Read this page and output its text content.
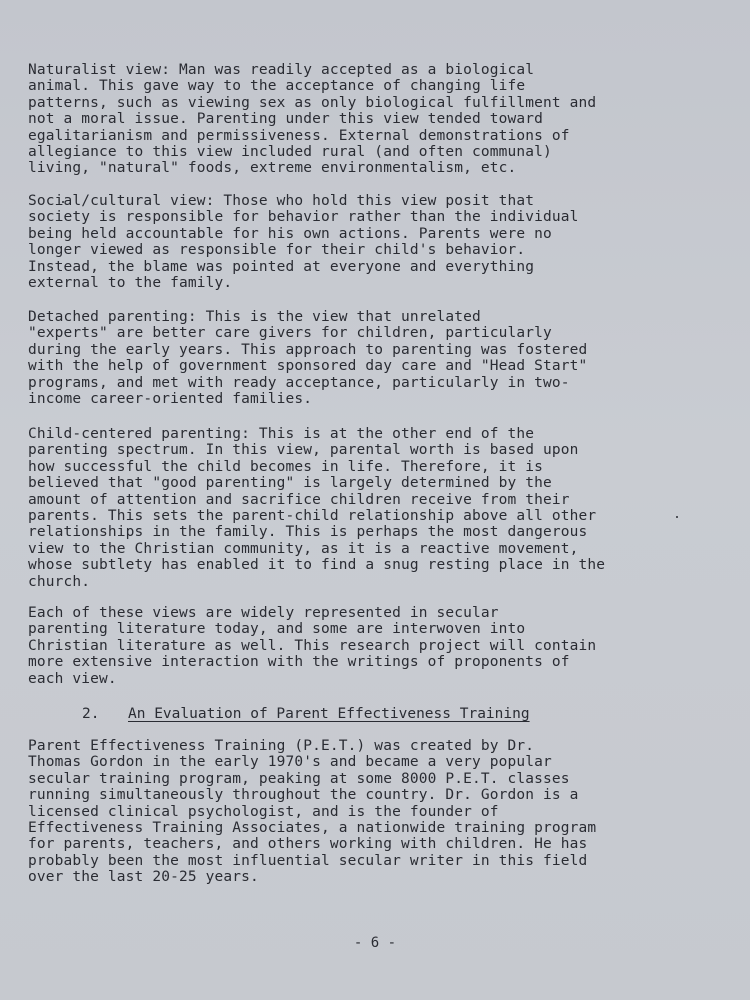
Naturalist view: Man was readily accepted as a biological
animal. This gave way to the acceptance of changing life
patterns, such as viewing sex as only biological fulfillment and
not a moral issue. Parenting under this view tended toward
egalitarianism and permissiveness. External demonstrations of
allegiance to this view included rural (and often communal)
living, "natural" foods, extreme environmentalism, etc.

Social/cultural view: Those who hold this view posit that
society is responsible for behavior rather than the individual
being held accountable for his own actions. Parents were no
longer viewed as responsible for their child's behavior.
Instead, the blame was pointed at everyone and everything
external to the family.

Detached parenting: This is the view that unrelated
"experts" are better care givers for children, particularly
during the early years. This approach to parenting was fostered
with the help of government sponsored day care and "Head Start"
programs, and met with ready acceptance, particularly in two-
income career-oriented families.

Child-centered parenting: This is at the other end of the
parenting spectrum. In this view, parental worth is based upon
how successful the child becomes in life. Therefore, it is
believed that "good parenting" is largely determined by the
amount of attention and sacrifice children receive from their
parents. This sets the parent-child relationship above all other
relationships in the family. This is perhaps the most dangerous
view to the Christian community, as it is a reactive movement,
whose subtlety has enabled it to find a snug resting place in the
church.

Each of these views are widely represented in secular
parenting literature today, and some are interwoven into
Christian literature as well. This research project will contain
more extensive interaction with the writings of proponents of
each view.

2. An Evaluation of Parent Effectiveness Training

Parent Effectiveness Training (P.E.T.) was created by Dr.
Thomas Gordon in the early 1970's and became a very popular
secular training program, peaking at some 8000 P.E.T. classes
running simultaneously throughout the country. Dr. Gordon is a
licensed clinical psychologist, and is the founder of
Effectiveness Training Associates, a nationwide training program
for parents, teachers, and others working with children. He has
probably been the most influential secular writer in this field
over the last 20-25 years.

- 6 -
